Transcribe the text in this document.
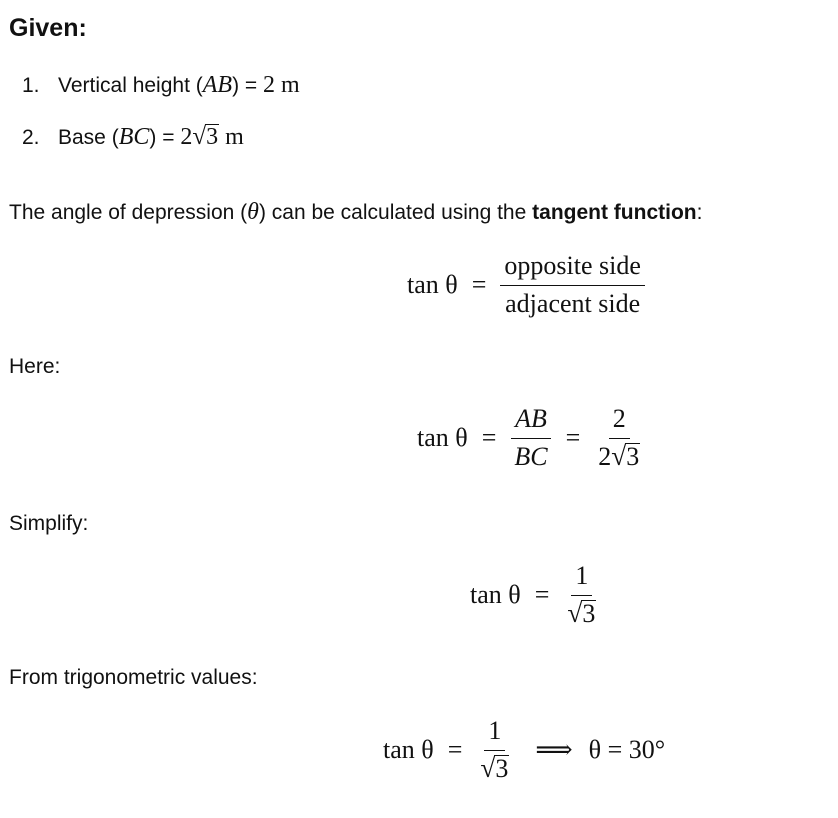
Given:
1. Vertical height (AB) = 2 m
2. Base (BC) = 2 √ 3 m
The angle of depression (θ) can be calculated using the tangent function:
$\tan \theta = \frac{\text{opposite side}}{\text{adjacent side}}$
Here:
$\tan \theta = \frac{AB}{BC} = \frac{2}{2 √ 3}$
Simplify:
$\tan \theta = \frac{1}{√ 3}$
From trigonometric values:
$\tan \theta = \frac{1}{√ 3}$ ⟹ θ = 30°
